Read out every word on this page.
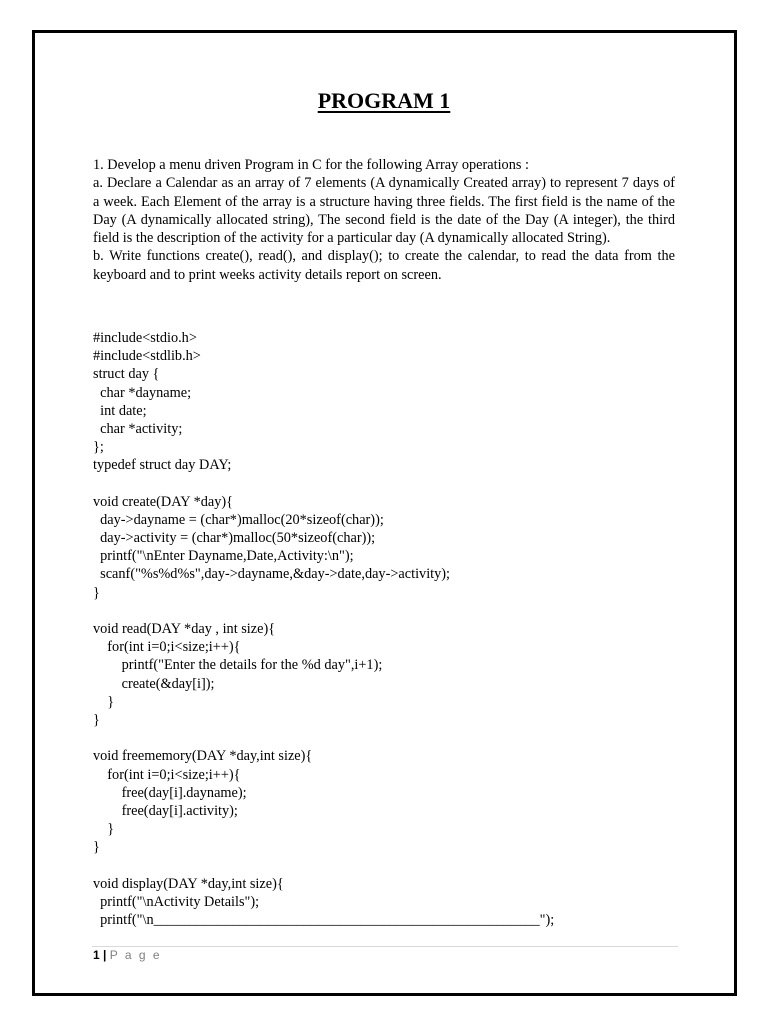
PROGRAM 1

1. Develop a menu driven Program in C for the following Array operations :

a. Declare a Calendar as an array of 7 elements (A dynamically Created array) to represent 7 days of a week. Each Element of the array is a structure having three fields. The first field is the name of the Day (A dynamically allocated string), The second field is the date of the Day (A integer), the third field is the description of the activity for a particular day (A dynamically allocated String).

b. Write functions create(), read(), and display(); to create the calendar, to read the data from the keyboard and to print weeks activity details report on screen.

#include<stdio.h>
#include<stdlib.h>
struct day {
char *dayname;
int date;
char *activity;
};
typedef struct day DAY;
void create(DAY *day){
day->dayname = (char*)malloc(20*sizeof(char));
day->activity = (char*)malloc(50*sizeof(char));
printf("\nEnter Dayname,Date,Activity:\n");
scanf("%s%d%s",day->dayname,&day->date,day->activity);
}
void read(DAY *day , int size){
for(int i=0;i<size;i++){
printf("Enter the details for the %d day",i+1);
create(&day[i]);
}
}
void freememory(DAY *day,int size){
for(int i=0;i<size;i++){
free(day[i].dayname);
free(day[i].activity);
}
}
void display(DAY *day,int size){
printf("\nActivity Details");
printf("\n______________________________________________________");
1 | P a g e
